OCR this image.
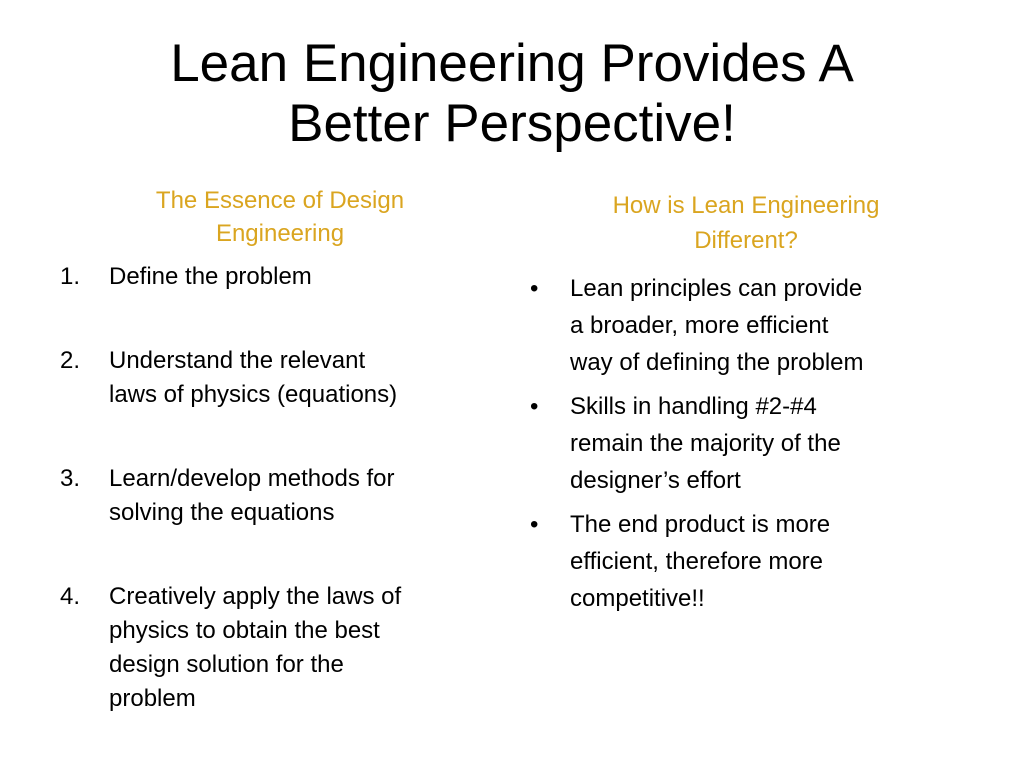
Lean Engineering Provides A
Better Perspective!
The Essence of Design
Engineering
1. Define the problem
2. Understand the relevant
laws of physics (equations)
3. Learn/develop methods for
solving the equations
4. Creatively apply the laws of
physics to obtain the best
design solution for the
problem
How is Lean Engineering
Different?
• Lean principles can provide
a broader, more efficient
way of defining the problem
• Skills in handling #2-#4
remain the majority of the
designer’s effort
• The end product is more
efficient, therefore more
competitive!!
